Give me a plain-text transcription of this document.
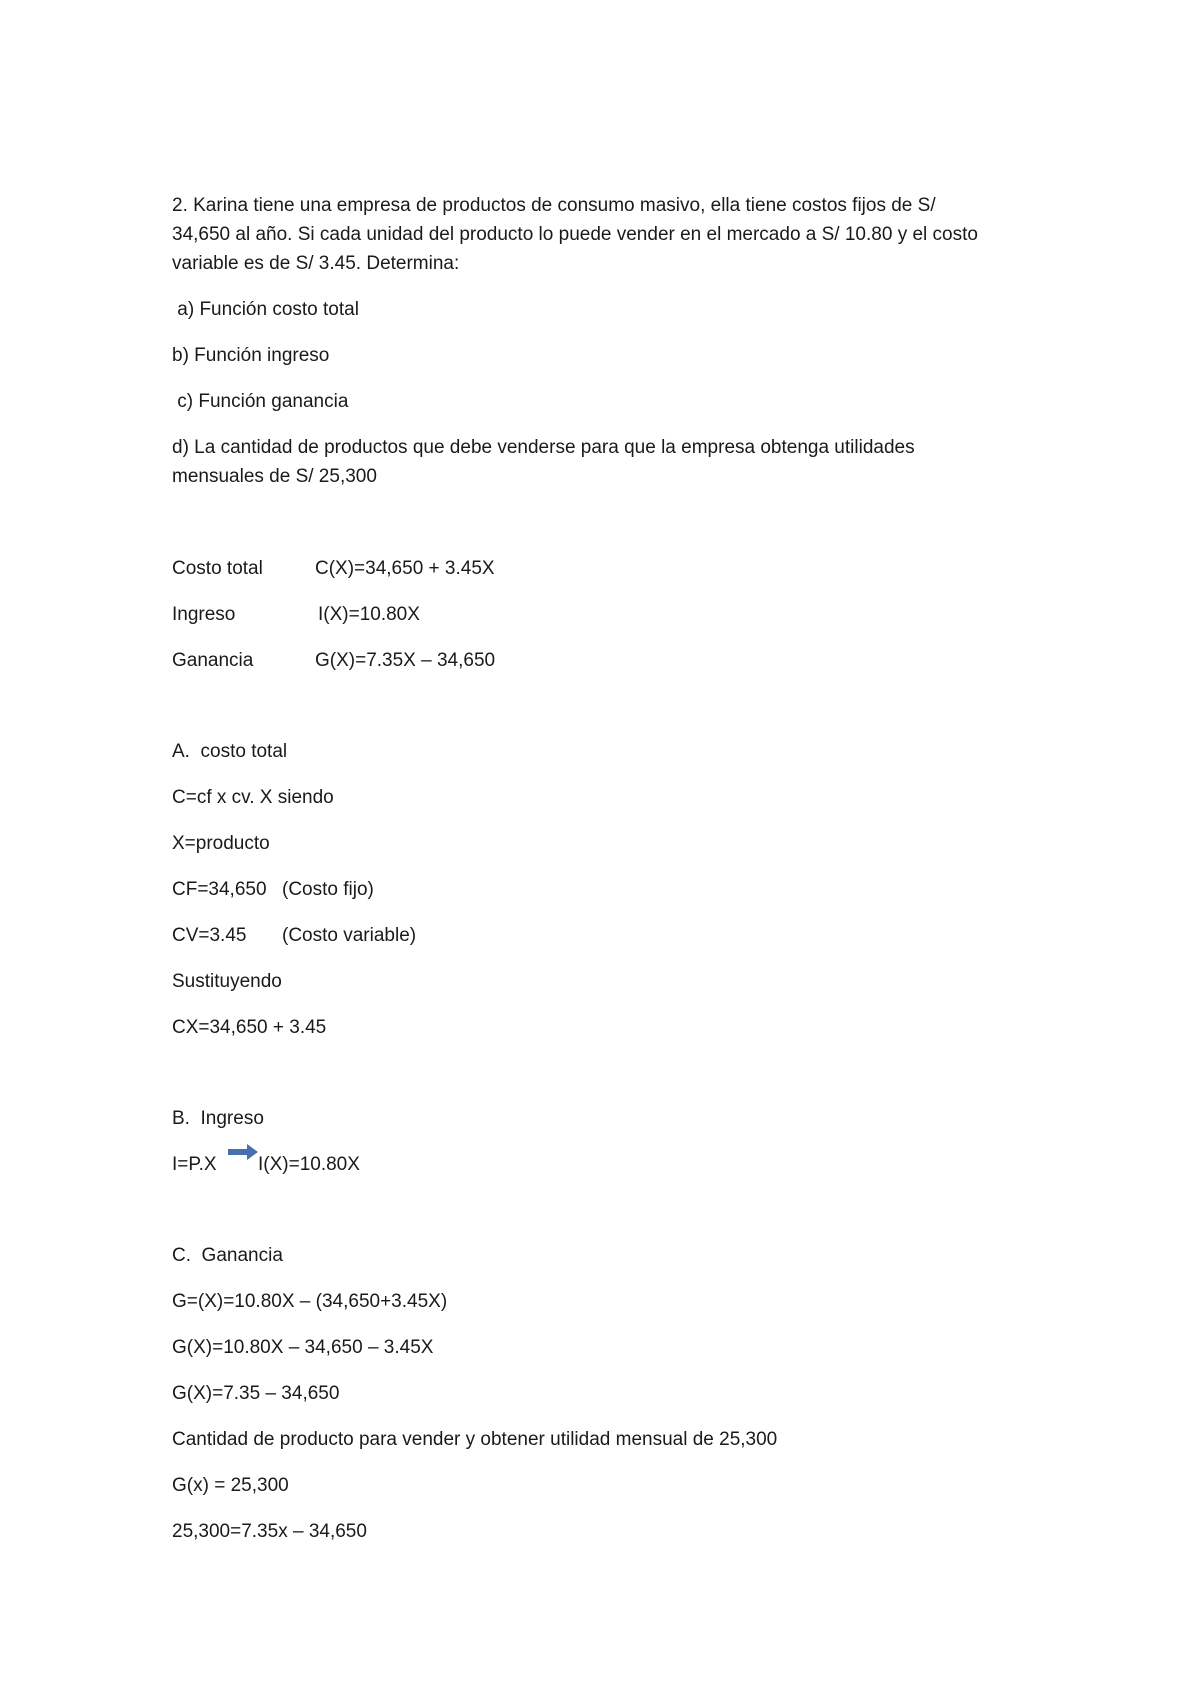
2. Karina tiene una empresa de productos de consumo masivo, ella tiene costos fijos de S/
34,650 al año. Si cada unidad del producto lo puede vender en el mercado a S/ 10.80 y el costo
variable es de S/ 3.45. Determina:
a) Función costo total
b) Función ingreso
c) Función ganancia
d) La cantidad de productos que debe venderse para que la empresa obtenga utilidades
mensuales de S/ 25,300
Costo total	C(X)=34,650 + 3.45X
Ingreso	I(X)=10.80X
Ganancia	G(X)=7.35X – 34,650
A.  costo total
C=cf x cv. X siendo
X=producto
CF=34,650 (Costo fijo)
CV=3.45 (Costo variable)
Sustituyendo
CX=34,650 + 3.45
B.  Ingreso
I=P.X I(X)=10.80X
C.  Ganancia
G=(X)=10.80X – (34,650+3.45X)
G(X)=10.80X – 34,650 – 3.45X
G(X)=7.35 – 34,650
Cantidad de producto para vender y obtener utilidad mensual de 25,300
G(x) = 25,300
25,300=7.35x – 34,650
